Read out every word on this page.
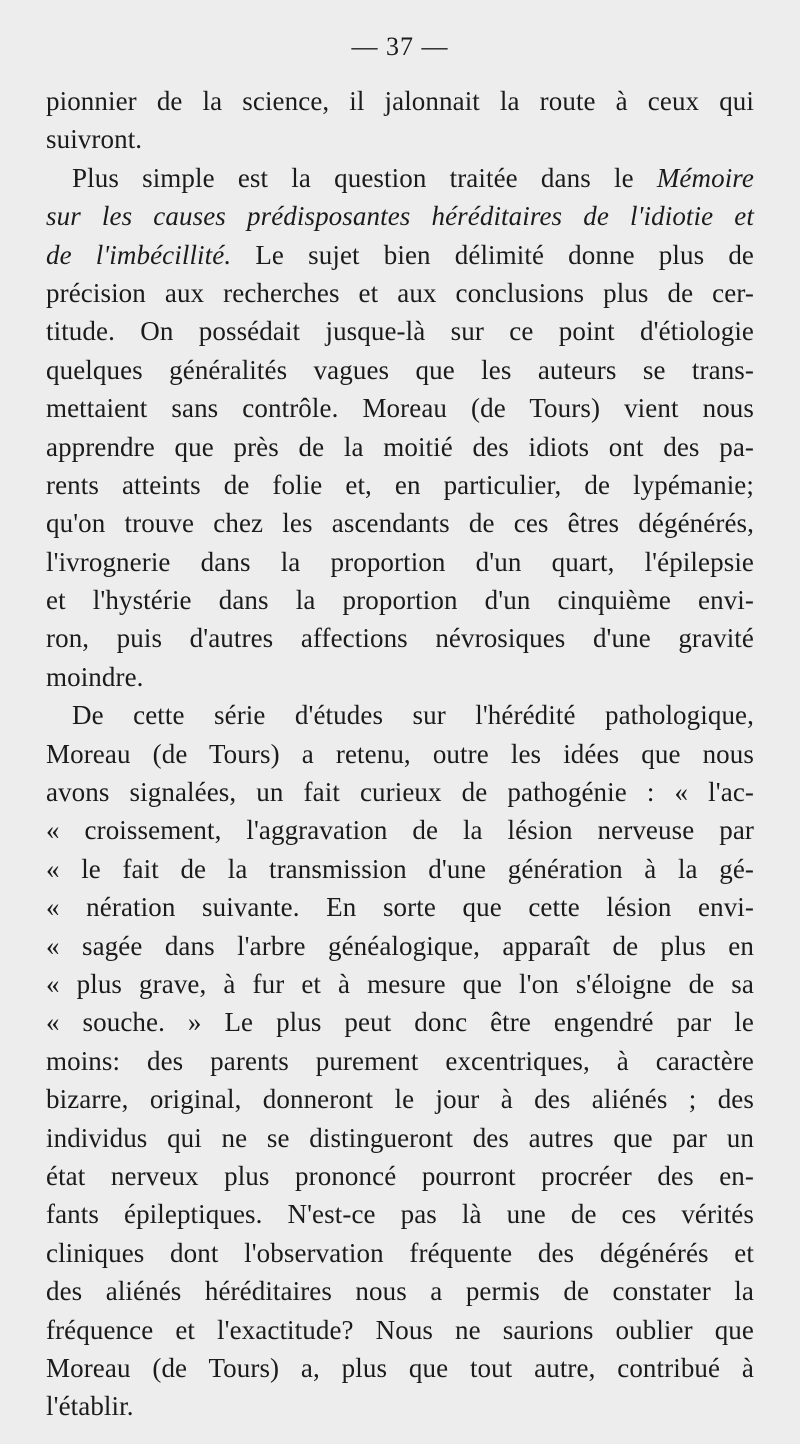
— 37 —
pionnier de la science, il jalonnait la route à ceux qui
suivront.
Plus simple est la question traitée dans le Mémoire
sur les causes prédisposantes héréditaires de l'idiotie et
de l'imbécillité. Le sujet bien délimité donne plus de
précision aux recherches et aux conclusions plus de cer-
titude. On possédait jusque-là sur ce point d'étiologie
quelques généralités vagues que les auteurs se trans-
mettaient sans contrôle. Moreau (de Tours) vient nous
apprendre que près de la moitié des idiots ont des pa-
rents atteints de folie et, en particulier, de lypémanie;
qu'on trouve chez les ascendants de ces êtres dégénérés,
l'ivrognerie dans la proportion d'un quart, l'épilepsie
et l'hystérie dans la proportion d'un cinquième envi-
ron, puis d'autres affections névrosiques d'une gravité
moindre.
De cette série d'études sur l'hérédité pathologique,
Moreau (de Tours) a retenu, outre les idées que nous
avons signalées, un fait curieux de pathogénie : « l'ac-
« croissement, l'aggravation de la lésion nerveuse par
« le fait de la transmission d'une génération à la gé-
« nération suivante. En sorte que cette lésion envi-
« sagée dans l'arbre généalogique, apparaît de plus en
« plus grave, à fur et à mesure que l'on s'éloigne de sa
« souche. » Le plus peut donc être engendré par le
moins: des parents purement excentriques, à caractère
bizarre, original, donneront le jour à des aliénés ; des
individus qui ne se distingueront des autres que par un
état nerveux plus prononcé pourront procréer des en-
fants épileptiques. N'est-ce pas là une de ces vérités
cliniques dont l'observation fréquente des dégénérés et
des aliénés héréditaires nous a permis de constater la
fréquence et l'exactitude? Nous ne saurions oublier que
Moreau (de Tours) a, plus que tout autre, contribué à
l'établir.
